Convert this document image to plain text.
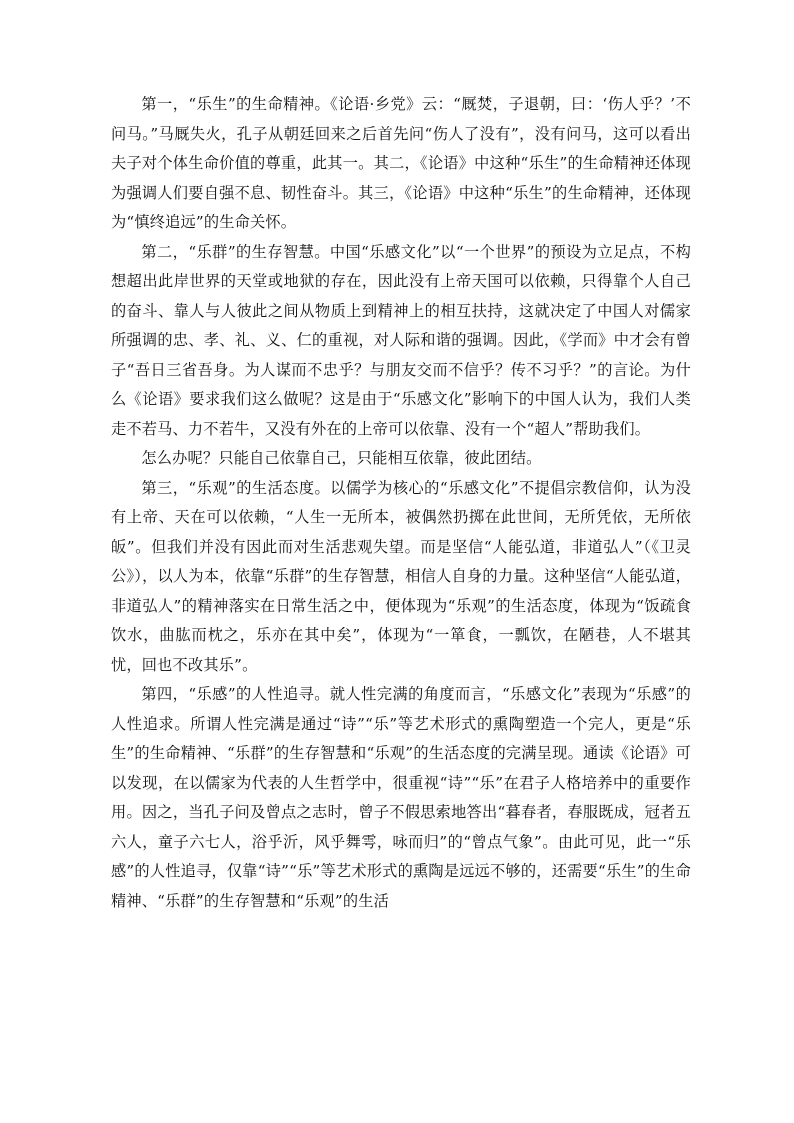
第一，“乐生”的生命精神。《论语·乡党》云：“厩焚，子退朝，曰：‘伤人乎？’不问马。”马厩失火，孔子从朝廷回来之后首先问“伤人了没有”，没有问马，这可以看出夫子对个体生命价值的尊重，此其一。其二，《论语》中这种“乐生”的生命精神还体现为强调人们要自强不息、韧性奋斗。其三，《论语》中这种“乐生”的生命精神，还体现为“慎终追远”的生命关怀。

第二，“乐群”的生存智慧。中国“乐感文化”以“一个世界”的预设为立足点，不构想超出此岸世界的天堂或地狱的存在，因此没有上帝天国可以依赖，只得靠个人自己的奋斗、靠人与人彼此之间从物质上到精神上的相互扶持，这就决定了中国人对儒家所强调的忠、孝、礼、义、仁的重视，对人际和谐的强调。因此，《学而》中才会有曾子“吾日三省吾身。为人谋而不忠乎？与朋友交而不信乎？传不习乎？”的言论。为什么《论语》要求我们这么做呢？这是由于“乐感文化”影响下的中国人认为，我们人类走不若马、力不若牛，又没有外在的上帝可以依靠、没有一个“超人”帮助我们。

怎么办呢？只能自己依靠自己，只能相互依靠，彼此团结。

第三，“乐观”的生活态度。以儒学为核心的“乐感文化”不提倡宗教信仰，认为没有上帝、天在可以依赖，“人生一无所本，被偶然扔掷在此世间，无所凭依，无所依皈”。但我们并没有因此而对生活悲观失望。而是坚信“人能弘道，非道弘人”（《卫灵公》），以人为本，依靠“乐群”的生存智慧，相信人自身的力量。这种坚信“人能弘道，非道弘人”的精神落实在日常生活之中，便体现为“乐观”的生活态度，体现为“饭疏食饮水，曲肱而枕之，乐亦在其中矣”，体现为“一箪食，一瓢饮，在陋巷，人不堪其忧，回也不改其乐”。

第四，“乐感”的人性追寻。就人性完满的角度而言，“乐感文化”表现为“乐感”的人性追求。所谓人性完满是通过“诗”“乐”等艺术形式的熏陶塑造一个完人，更是“乐生”的生命精神、“乐群”的生存智慧和“乐观”的生活态度的完满呈现。通读《论语》可以发现，在以儒家为代表的人生哲学中，很重视“诗”“乐”在君子人格培养中的重要作用。因之，当孔子问及曾点之志时，曾子不假思索地答出“暮春者，春服既成，冠者五六人，童子六七人，浴乎沂，风乎舞雩，咏而归”的“曾点气象”。由此可见，此一“乐感”的人性追寻，仅靠“诗”“乐”等艺术形式的熏陶是远远不够的，还需要“乐生”的生命精神、“乐群”的生存智慧和“乐观”的生活
